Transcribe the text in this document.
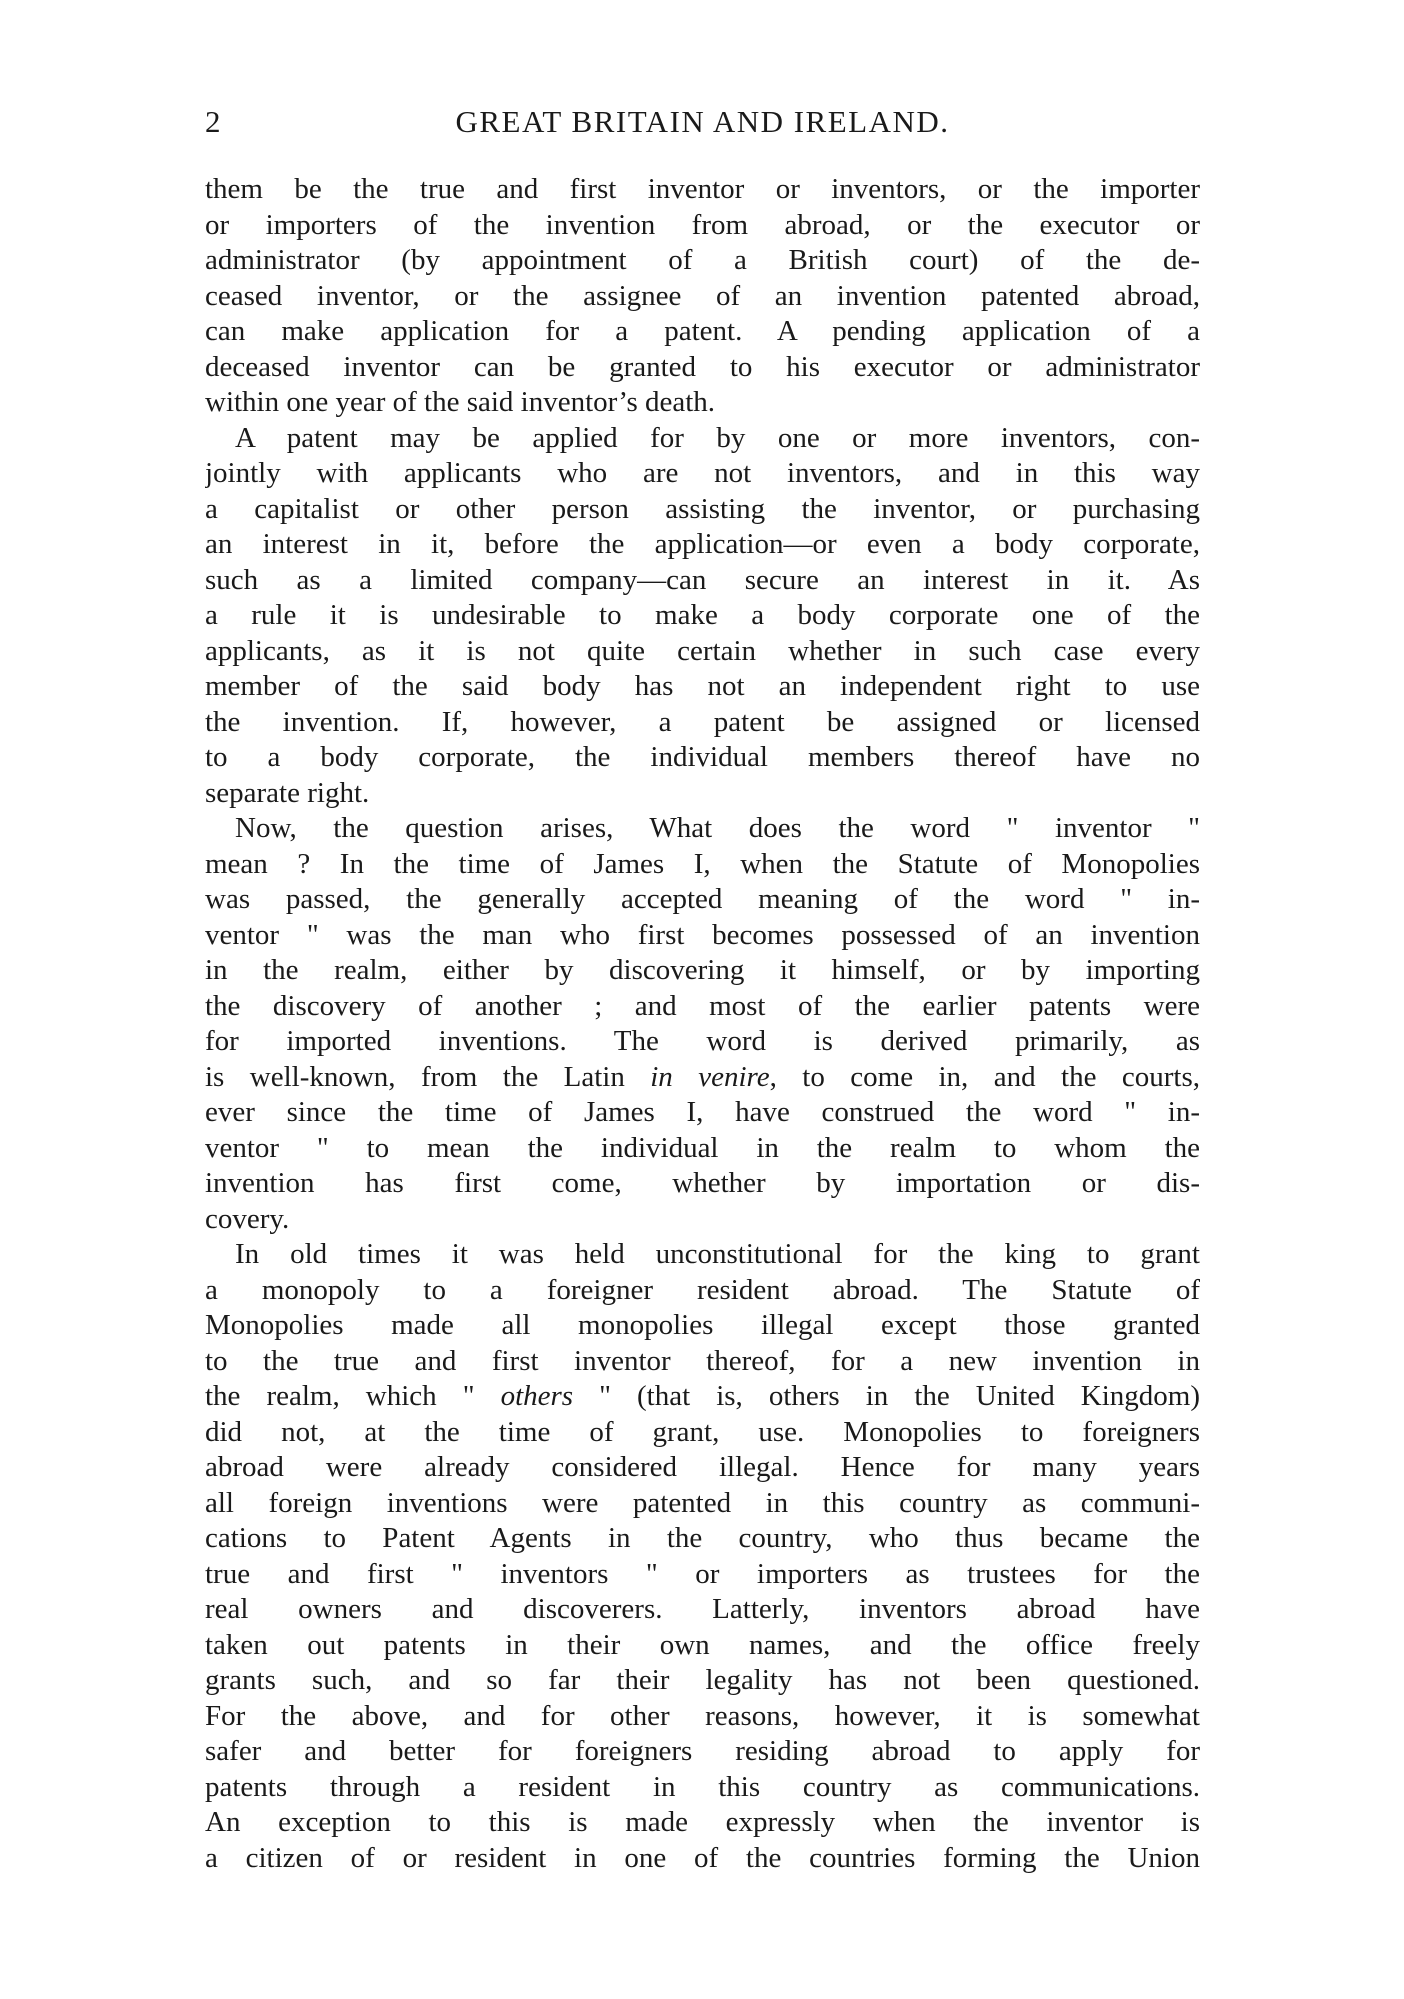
2	GREAT BRITAIN AND IRELAND.
them be the true and first inventor or inventors, or the importer
or importers of the invention from abroad, or the executor or
administrator (by appointment of a British court) of the de-
ceased inventor, or the assignee of an invention patented abroad,
can make application for a patent. A pending application of a
deceased inventor can be granted to his executor or administrator
within one year of the said inventor’s death.
A patent may be applied for by one or more inventors, con-
jointly with applicants who are not inventors, and in this way
a capitalist or other person assisting the inventor, or purchasing
an interest in it, before the application—or even a body corporate,
such as a limited company—can secure an interest in it. As
a rule it is undesirable to make a body corporate one of the
applicants, as it is not quite certain whether in such case every
member of the said body has not an independent right to use
the invention. If, however, a patent be assigned or licensed
to a body corporate, the individual members thereof have no
separate right.
Now, the question arises, What does the word " inventor "
mean ? In the time of James I, when the Statute of Monopolies
was passed, the generally accepted meaning of the word " in-
ventor " was the man who first becomes possessed of an invention
in the realm, either by discovering it himself, or by importing
the discovery of another ; and most of the earlier patents were
for imported inventions. The word is derived primarily, as
is well-known, from the Latin in venire, to come in, and the courts,
ever since the time of James I, have construed the word " in-
ventor " to mean the individual in the realm to whom the
invention has first come, whether by importation or dis-
covery.
In old times it was held unconstitutional for the king to grant
a monopoly to a foreigner resident abroad. The Statute of
Monopolies made all monopolies illegal except those granted
to the true and first inventor thereof, for a new invention in
the realm, which " others " (that is, others in the United Kingdom)
did not, at the time of grant, use. Monopolies to foreigners
abroad were already considered illegal. Hence for many years
all foreign inventions were patented in this country as communi-
cations to Patent Agents in the country, who thus became the
true and first " inventors " or importers as trustees for the
real owners and discoverers. Latterly, inventors abroad have
taken out patents in their own names, and the office freely
grants such, and so far their legality has not been questioned.
For the above, and for other reasons, however, it is somewhat
safer and better for foreigners residing abroad to apply for
patents through a resident in this country as communications.
An exception to this is made expressly when the inventor is
a citizen of or resident in one of the countries forming the Union
